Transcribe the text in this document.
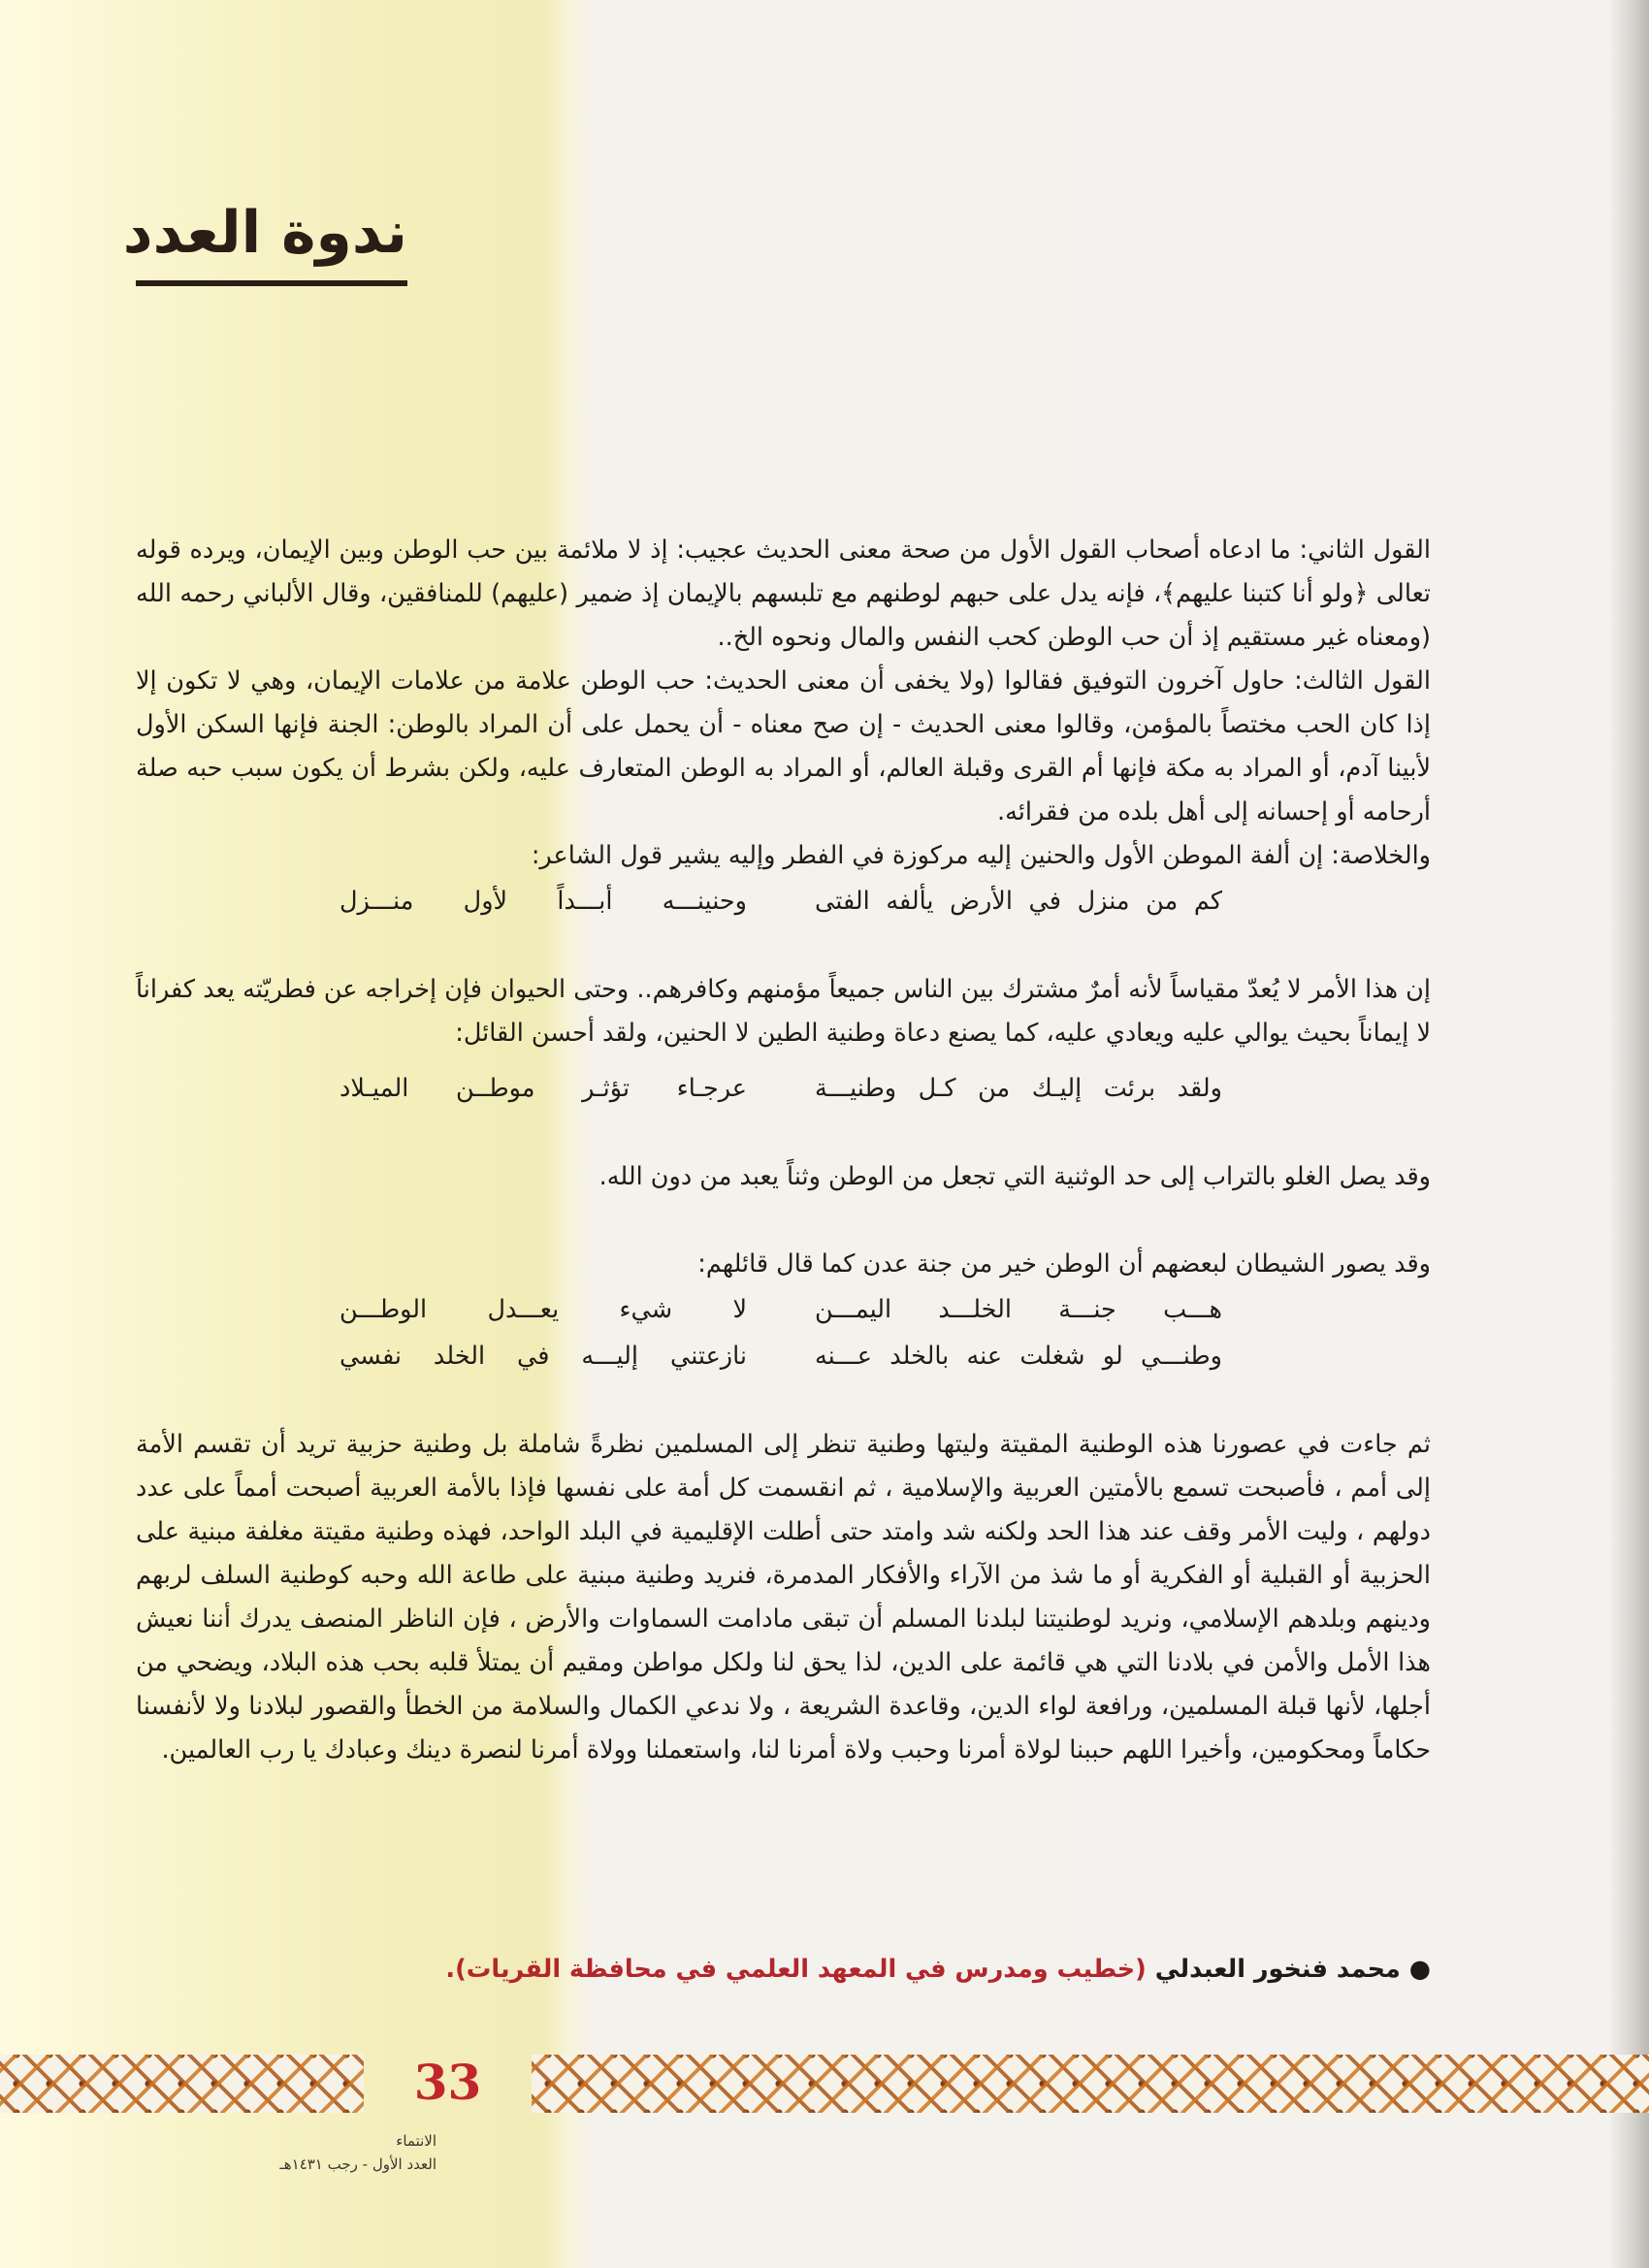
ندوة العدد

القول الثاني: ما ادعاه أصحاب القول الأول من صحة معنى الحديث عجيب: إذ لا ملائمة بين حب الوطن وبين الإيمان، ويرده قوله تعالى ﴿ولو أنا كتبنا عليهم﴾، فإنه يدل على حبهم لوطنهم مع تلبسهم بالإيمان إذ ضمير (عليهم) للمنافقين، وقال الألباني رحمه الله (ومعناه غير مستقيم إذ أن حب الوطن كحب النفس والمال ونحوه الخ..

القول الثالث: حاول آخرون التوفيق فقالوا (ولا يخفى أن معنى الحديث: حب الوطن علامة من علامات الإيمان، وهي لا تكون إلا إذا كان الحب مختصاً بالمؤمن، وقالوا معنى الحديث - إن صح معناه - أن يحمل على أن المراد بالوطن: الجنة فإنها السكن الأول لأبينا آدم، أو المراد به مكة فإنها أم القرى وقبلة العالم، أو المراد به الوطن المتعارف عليه، ولكن بشرط أن يكون سبب حبه صلة أرحامه أو إحسانه إلى أهل بلده من فقرائه.

والخلاصة: إن ألفة الموطن الأول والحنين إليه مركوزة في الفطر وإليه يشير قول الشاعر:

كم من منزل في الأرض يألفه الفتى
وحنينـــه أبـــداً لأول منـــزل

إن هذا الأمر لا يُعدّ مقياساً لأنه أمرٌ مشترك بين الناس جميعاً مؤمنهم وكافرهم.. وحتى الحيوان فإن إخراجه عن فطريّته يعد كفراناً لا إيماناً بحيث يوالي عليه ويعادي عليه، كما يصنع دعاة وطنية الطين لا الحنين، ولقد أحسن القائل:

ولقد برئت إليـك من كـل وطنيـــة
عرجـاء تؤثـر موطــن الميـلاد

وقد يصل الغلو بالتراب إلى حد الوثنية التي تجعل من الوطن وثناً يعبد من دون الله.

وقد يصور الشيطان لبعضهم أن الوطن خير من جنة عدن كما قال قائلهم:

هـــب جنـــة الخلـــد اليمـــن
لا شيء يعـــدل الوطـــن
وطنـــي لو شغلت عنه بالخلد عـــنه
نازعتني إليـــه في الخلد نفسي

ثم جاءت في عصورنا هذه الوطنية المقيتة وليتها وطنية تنظر إلى المسلمين نظرةً شاملة بل وطنية حزبية تريد أن تقسم الأمة إلى أمم ، فأصبحت تسمع بالأمتين العربية والإسلامية ، ثم انقسمت كل أمة على نفسها فإذا بالأمة العربية أصبحت أمماً على عدد دولهم ، وليت الأمر وقف عند هذا الحد ولكنه شد وامتد حتى أطلت الإقليمية في البلد الواحد، فهذه وطنية مقيتة مغلفة مبنية على الحزبية أو القبلية أو الفكرية أو ما شذ من الآراء والأفكار المدمرة، فنريد وطنية مبنية على طاعة الله وحبه كوطنية السلف لربهم ودينهم وبلدهم الإسلامي، ونريد لوطنيتنا لبلدنا المسلم أن تبقى مادامت السماوات والأرض ، فإن الناظر المنصف يدرك أننا نعيش هذا الأمل والأمن في بلادنا التي هي قائمة على الدين، لذا يحق لنا ولكل مواطن ومقيم أن يمتلأ قلبه بحب هذه البلاد، ويضحي من أجلها، لأنها قبلة المسلمين، ورافعة لواء الدين، وقاعدة الشريعة ، ولا ندعي الكمال والسلامة من الخطأ والقصور لبلادنا ولا لأنفسنا حكاماً ومحكومين، وأخيرا اللهم حببنا لولاة أمرنا وحبب ولاة أمرنا لنا، واستعملنا وولاة أمرنا لنصرة دينك وعبادك يا رب العالمين.

● محمد فنخور العبدلي (خطيب ومدرس في المعهد العلمي في محافظة القريات).
33
الانتماء
العدد الأول - رجب ١٤٣١هـ
